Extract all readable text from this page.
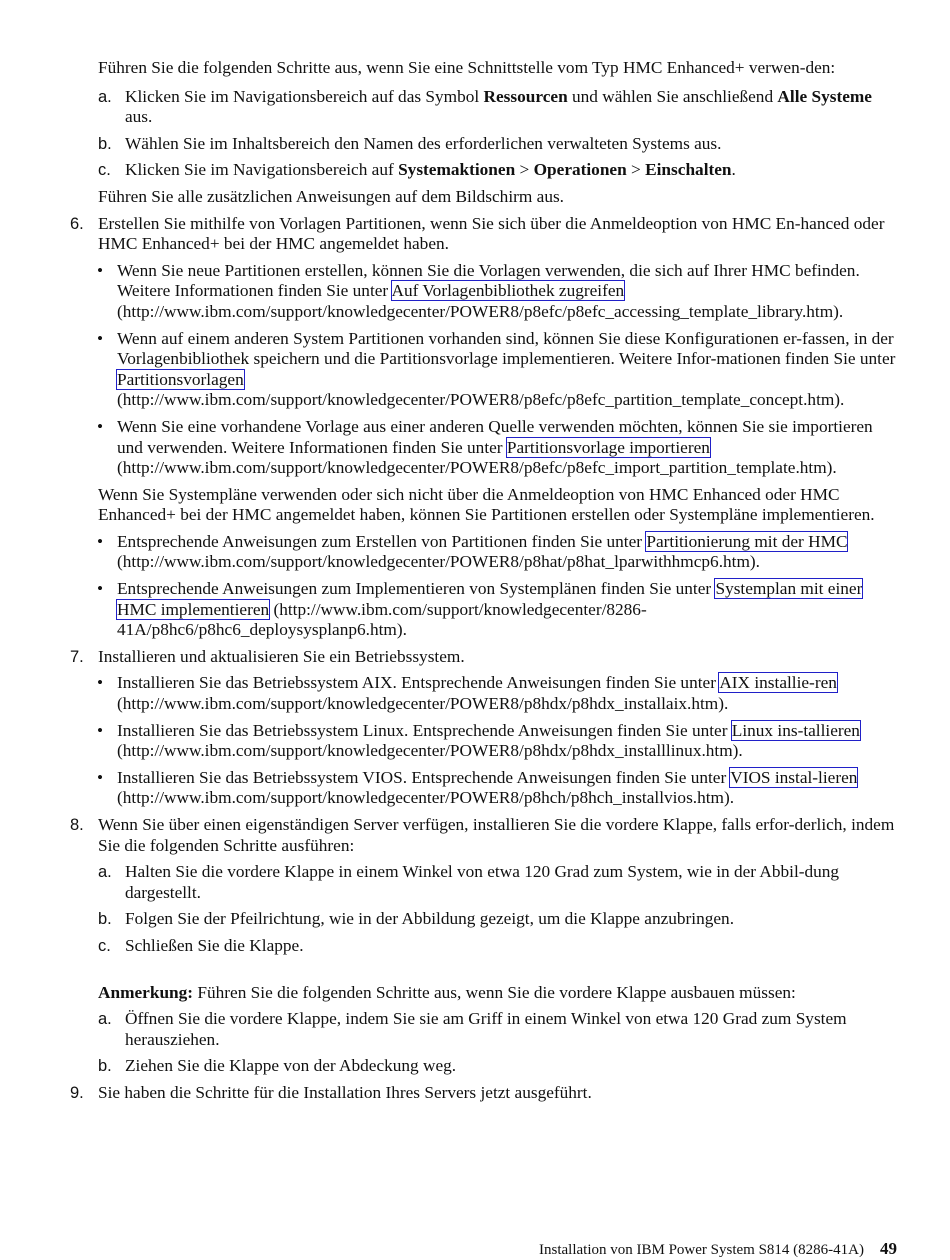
Führen Sie die folgenden Schritte aus, wenn Sie eine Schnittstelle vom Typ HMC Enhanced+ verwen-den:

a. Klicken Sie im Navigationsbereich auf das Symbol Ressourcen und wählen Sie anschließend Alle Systeme aus.
b. Wählen Sie im Inhaltsbereich den Namen des erforderlichen verwalteten Systems aus.
c. Klicken Sie im Navigationsbereich auf Systemaktionen > Operationen > Einschalten.

Führen Sie alle zusätzlichen Anweisungen auf dem Bildschirm aus.

6. Erstellen Sie mithilfe von Vorlagen Partitionen, wenn Sie sich über die Anmeldeoption von HMC En-hanced oder HMC Enhanced+ bei der HMC angemeldet haben.
• Wenn Sie neue Partitionen erstellen, können Sie die Vorlagen verwenden, die sich auf Ihrer HMC befinden. Weitere Informationen finden Sie unter Auf Vorlagenbibliothek zugreifen (http://www.ibm.com/support/knowledgecenter/POWER8/p8efc/p8efc_accessing_template_library.htm).
• Wenn auf einem anderen System Partitionen vorhanden sind, können Sie diese Konfigurationen er-fassen, in der Vorlagenbibliothek speichern und die Partitionsvorlage implementieren. Weitere Infor-mationen finden Sie unter Partitionsvorlagen (http://www.ibm.com/support/knowledgecenter/POWER8/p8efc/p8efc_partition_template_concept.htm).
• Wenn Sie eine vorhandene Vorlage aus einer anderen Quelle verwenden möchten, können Sie sie importieren und verwenden. Weitere Informationen finden Sie unter Partitionsvorlage importieren (http://www.ibm.com/support/knowledgecenter/POWER8/p8efc/p8efc_import_partition_template.htm).

Wenn Sie Systempläne verwenden oder sich nicht über die Anmeldeoption von HMC Enhanced oder HMC Enhanced+ bei der HMC angemeldet haben, können Sie Partitionen erstellen oder Systempläne implementieren.

• Entsprechende Anweisungen zum Erstellen von Partitionen finden Sie unter Partitionierung mit der HMC (http://www.ibm.com/support/knowledgecenter/POWER8/p8hat/p8hat_lparwithhmcp6.htm).
• Entsprechende Anweisungen zum Implementieren von Systemplänen finden Sie unter Systemplan mit einer HMC implementieren (http://www.ibm.com/support/knowledgecenter/8286-41A/p8hc6/p8hc6_deploysysplanp6.htm).
7. Installieren und aktualisieren Sie ein Betriebssystem.
• Installieren Sie das Betriebssystem AIX. Entsprechende Anweisungen finden Sie unter AIX installie-ren (http://www.ibm.com/support/knowledgecenter/POWER8/p8hdx/p8hdx_installaix.htm).
• Installieren Sie das Betriebssystem Linux. Entsprechende Anweisungen finden Sie unter Linux ins-tallieren (http://www.ibm.com/support/knowledgecenter/POWER8/p8hdx/p8hdx_installlinux.htm).
• Installieren Sie das Betriebssystem VIOS. Entsprechende Anweisungen finden Sie unter VIOS instal-lieren (http://www.ibm.com/support/knowledgecenter/POWER8/p8hch/p8hch_installvios.htm).
8. Wenn Sie über einen eigenständigen Server verfügen, installieren Sie die vordere Klappe, falls erfor-derlich, indem Sie die folgenden Schritte ausführen:
a. Halten Sie die vordere Klappe in einem Winkel von etwa 120 Grad zum System, wie in der Abbil-dung dargestellt.
b. Folgen Sie der Pfeilrichtung, wie in der Abbildung gezeigt, um die Klappe anzubringen.
c. Schließen Sie die Klappe.

Anmerkung: Führen Sie die folgenden Schritte aus, wenn Sie die vordere Klappe ausbauen müssen:

a. Öffnen Sie die vordere Klappe, indem Sie sie am Griff in einem Winkel von etwa 120 Grad zum System herausziehen.
b. Ziehen Sie die Klappe von der Abdeckung weg.
9. Sie haben die Schritte für die Installation Ihres Servers jetzt ausgeführt.
Installation von IBM Power System S814 (8286-41A) 49
